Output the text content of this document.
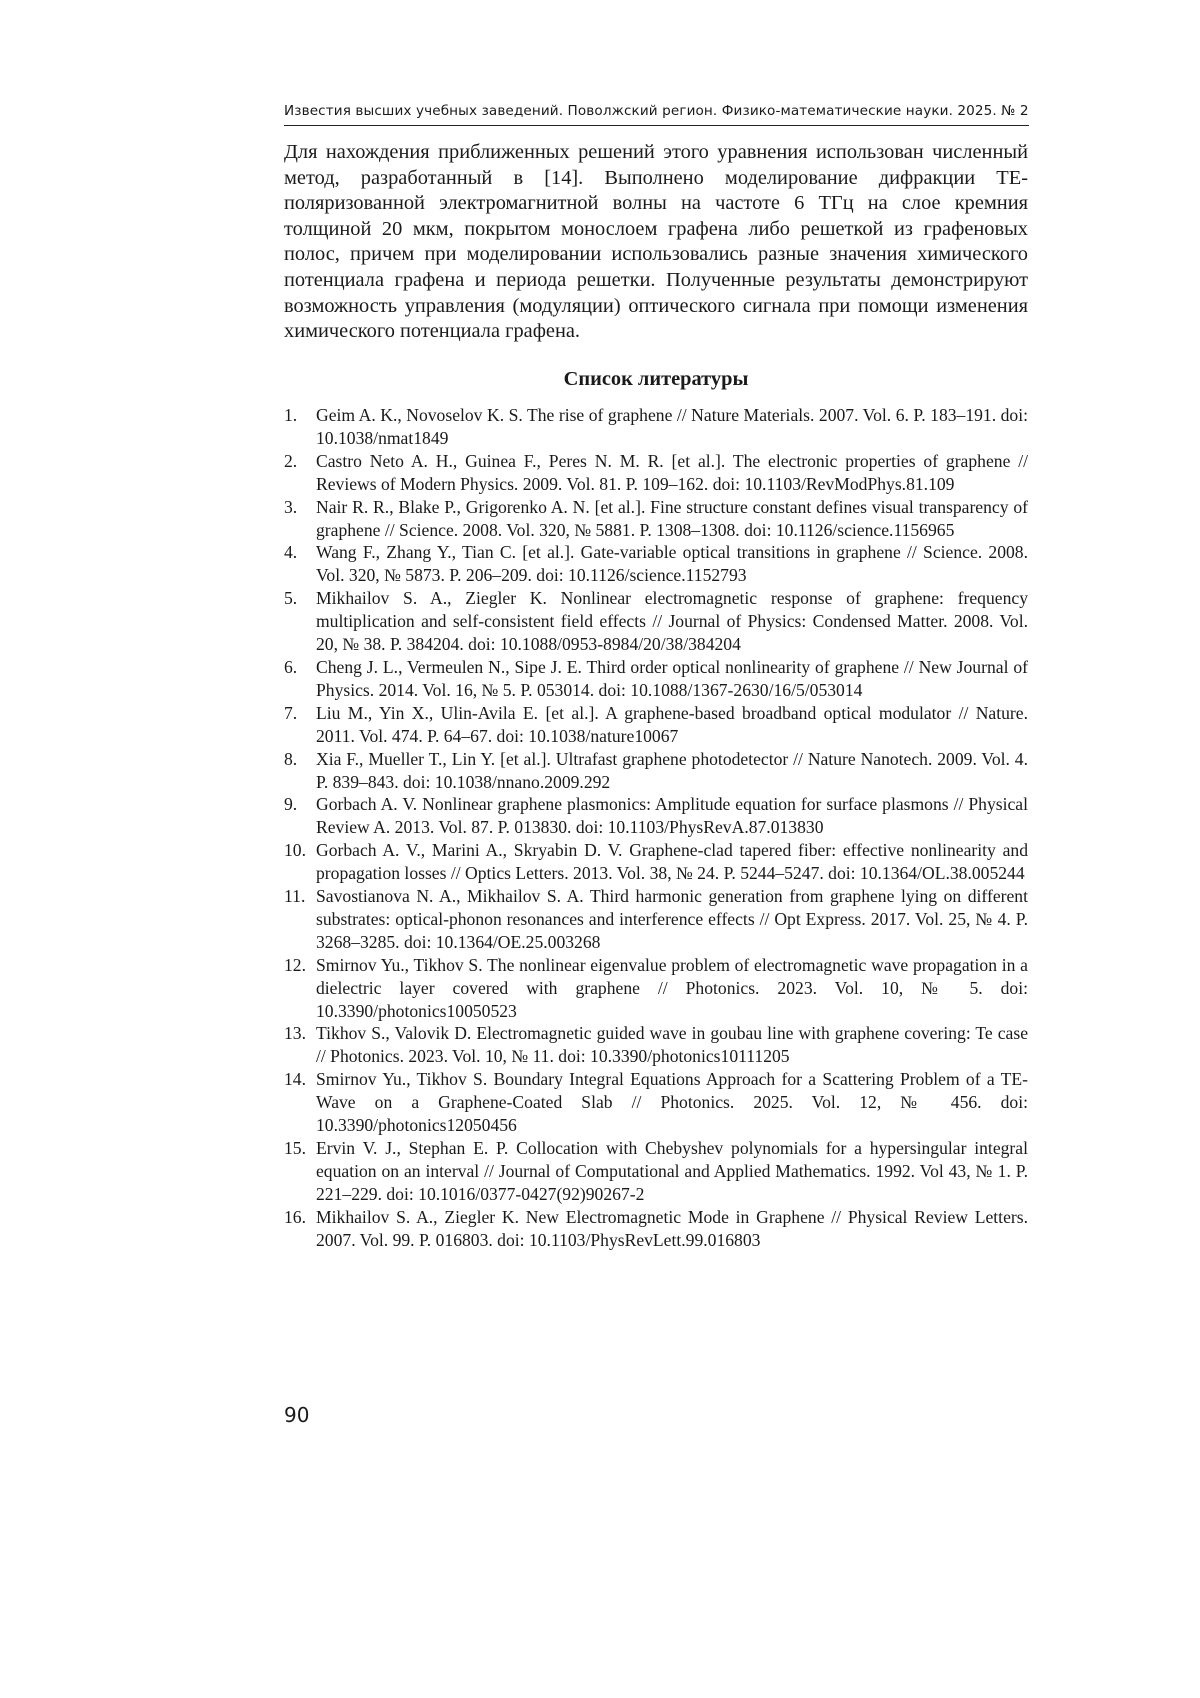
Известия высших учебных заведений. Поволжский регион. Физико-математические науки. 2025. № 2

Для нахождения приближенных решений этого уравнения использован численный метод, разработанный в [14]. Выполнено моделирование дифракции ТЕ-поляризованной электромагнитной волны на частоте 6 ТГц на слое кремния толщиной 20 мкм, покрытом монослоем графена либо решеткой из графеновых полос, причем при моделировании использовались разные значения химического потенциала графена и периода решетки. Полученные результаты демонстрируют возможность управления (модуляции) оптического сигнала при помощи изменения химического потенциала графена.

Список литературы
1. Geim A. K., Novoselov K. S. The rise of graphene // Nature Materials. 2007. Vol. 6. P. 183–191. doi: 10.1038/nmat1849
2. Castro Neto A. H., Guinea F., Peres N. M. R. [et al.]. The electronic properties of graphene // Reviews of Modern Physics. 2009. Vol. 81. P. 109–162. doi: 10.1103/RevModPhys.81.109
3. Nair R. R., Blake P., Grigorenko A. N. [et al.]. Fine structure constant defines visual transparency of graphene // Science. 2008. Vol. 320, № 5881. P. 1308–1308. doi: 10.1126/science.1156965
4. Wang F., Zhang Y., Tian C. [et al.]. Gate-variable optical transitions in graphene // Science. 2008. Vol. 320, № 5873. P. 206–209. doi: 10.1126/science.1152793
5. Mikhailov S. A., Ziegler K. Nonlinear electromagnetic response of graphene: frequency multiplication and self-consistent field effects // Journal of Physics: Condensed Matter. 2008. Vol. 20, № 38. P. 384204. doi: 10.1088/0953-8984/20/38/384204
6. Cheng J. L., Vermeulen N., Sipe J. E. Third order optical nonlinearity of graphene // New Journal of Physics. 2014. Vol. 16, № 5. P. 053014. doi: 10.1088/1367-2630/16/5/053014
7. Liu M., Yin X., Ulin-Avila E. [et al.]. A graphene-based broadband optical modulator // Nature. 2011. Vol. 474. P. 64–67. doi: 10.1038/nature10067
8. Xia F., Mueller T., Lin Y. [et al.]. Ultrafast graphene photodetector // Nature Nanotech. 2009. Vol. 4. P. 839–843. doi: 10.1038/nnano.2009.292
9. Gorbach A. V. Nonlinear graphene plasmonics: Amplitude equation for surface plasmons // Physical Review A. 2013. Vol. 87. P. 013830. doi: 10.1103/PhysRevA.87.013830
10. Gorbach A. V., Marini A., Skryabin D. V. Graphene-clad tapered fiber: effective nonlinearity and propagation losses // Optics Letters. 2013. Vol. 38, № 24. P. 5244–5247. doi: 10.1364/OL.38.005244
11. Savostianova N. A., Mikhailov S. A. Third harmonic generation from graphene lying on different substrates: optical-phonon resonances and interference effects // Opt Express. 2017. Vol. 25, № 4. P. 3268–3285. doi: 10.1364/OE.25.003268
12. Smirnov Yu., Tikhov S. The nonlinear eigenvalue problem of electromagnetic wave propagation in a dielectric layer covered with graphene // Photonics. 2023. Vol. 10, № 5. doi: 10.3390/photonics10050523
13. Tikhov S., Valovik D. Electromagnetic guided wave in goubau line with graphene covering: Te case // Photonics. 2023. Vol. 10, № 11. doi: 10.3390/photonics10111205
14. Smirnov Yu., Tikhov S. Boundary Integral Equations Approach for a Scattering Problem of a TE-Wave on a Graphene-Coated Slab // Photonics. 2025. Vol. 12, № 456. doi: 10.3390/photonics12050456
15. Ervin V. J., Stephan E. P. Collocation with Chebyshev polynomials for a hypersingular integral equation on an interval // Journal of Computational and Applied Mathematics. 1992. Vol 43, № 1. P. 221–229. doi: 10.1016/0377-0427(92)90267-2
16. Mikhailov S. A., Ziegler K. New Electromagnetic Mode in Graphene // Physical Review Letters. 2007. Vol. 99. P. 016803. doi: 10.1103/PhysRevLett.99.016803
90
